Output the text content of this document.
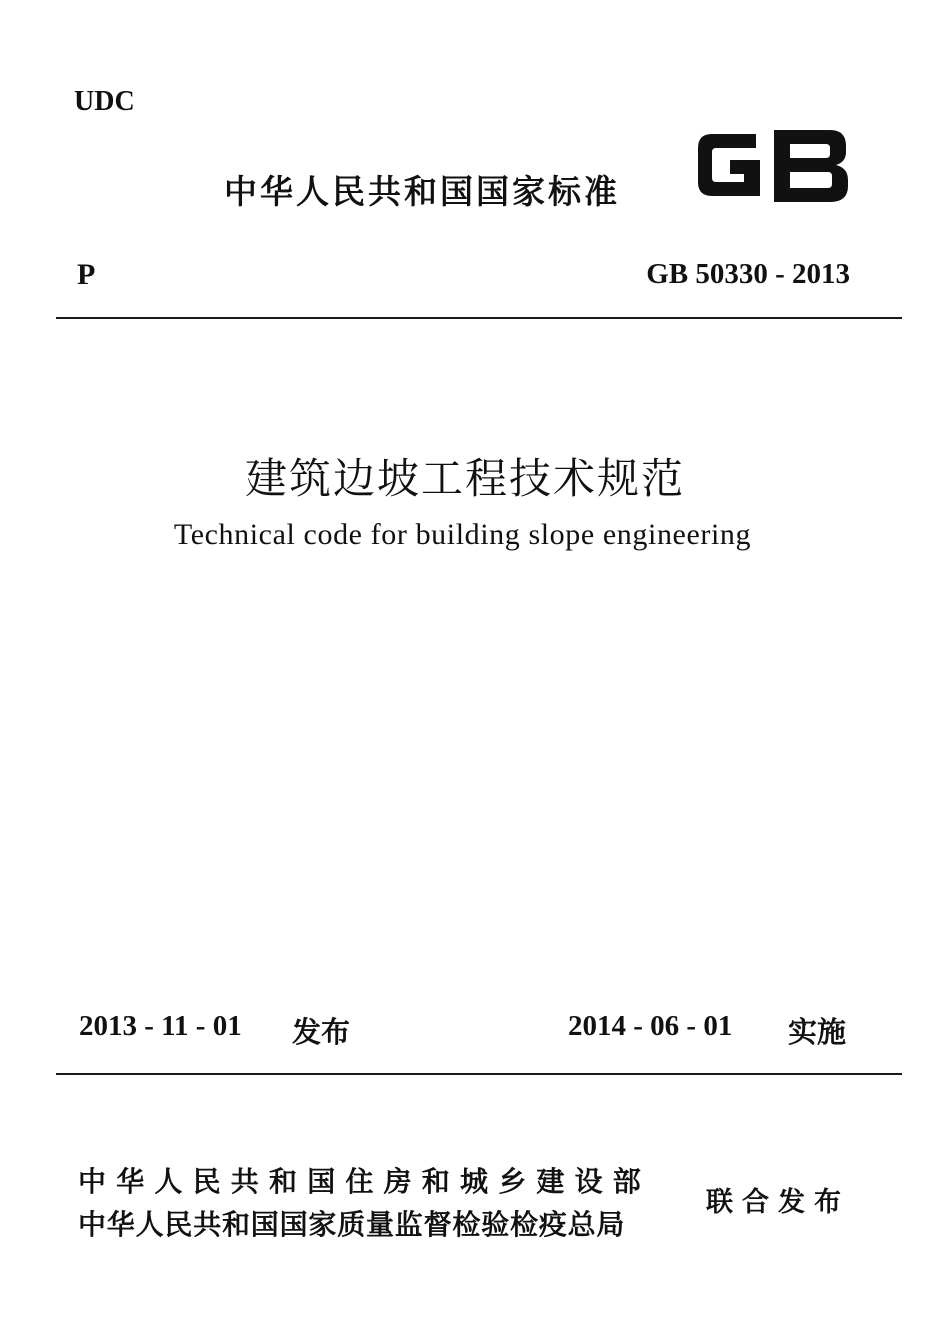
UDC
中华人民共和国国家标准
P	GB 50330 - 2013
建筑边坡工程技术规范
Technical code for building slope engineering
2013 - 11 - 01 发布	2014 - 06 - 01 实施
中华人民共和国住房和城乡建设部
中华人民共和国国家质量监督检验检疫总局
联合发布
